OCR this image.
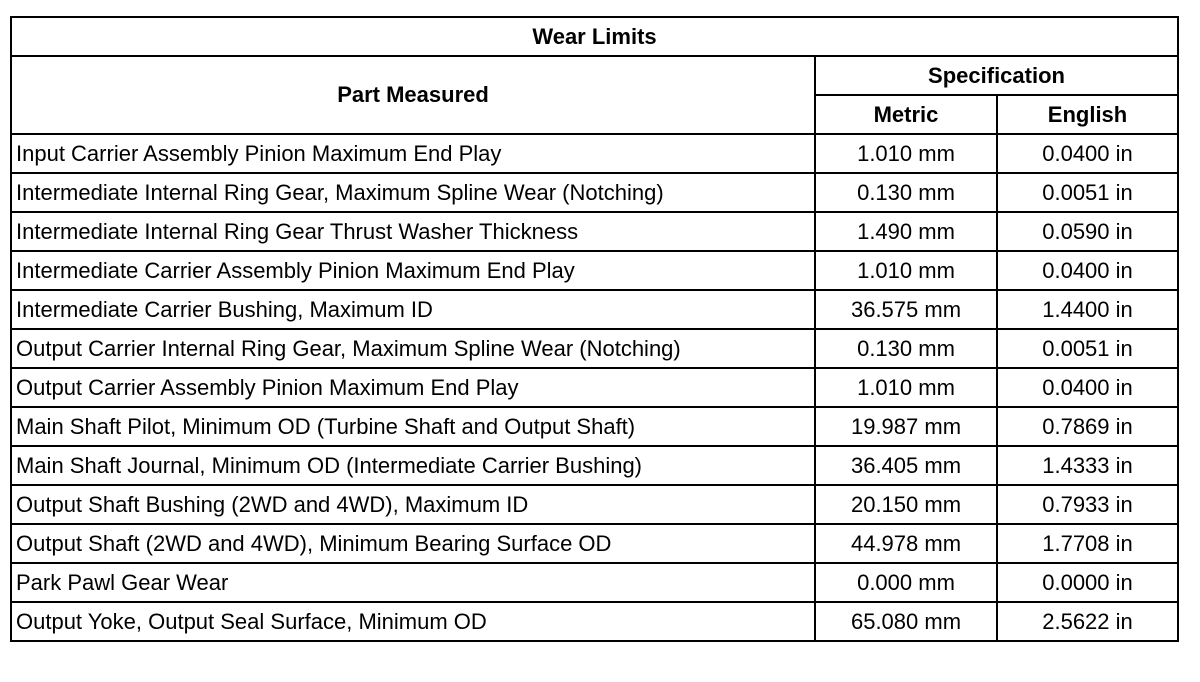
Wear Limits		
Part Measured	Specification	
	Metric	English
Input Carrier Assembly Pinion Maximum End Play	1.010 mm	0.0400 in
Intermediate Internal Ring Gear, Maximum Spline Wear (Notching)	0.130 mm	0.0051 in
Intermediate Internal Ring Gear Thrust Washer Thickness	1.490 mm	0.0590 in
Intermediate Carrier Assembly Pinion Maximum End Play	1.010 mm	0.0400 in
Intermediate Carrier Bushing, Maximum ID	36.575 mm	1.4400 in
Output Carrier Internal Ring Gear, Maximum Spline Wear (Notching)	0.130 mm	0.0051 in
Output Carrier Assembly Pinion Maximum End Play	1.010 mm	0.0400 in
Main Shaft Pilot, Minimum OD (Turbine Shaft and Output Shaft)	19.987 mm	0.7869 in
Main Shaft Journal, Minimum OD (Intermediate Carrier Bushing)	36.405 mm	1.4333 in
Output Shaft Bushing (2WD and 4WD), Maximum ID	20.150 mm	0.7933 in
Output Shaft (2WD and 4WD), Minimum Bearing Surface OD	44.978 mm	1.7708 in
Park Pawl Gear Wear	0.000 mm	0.0000 in
Output Yoke, Output Seal Surface, Minimum OD	65.080 mm	2.5622 in
